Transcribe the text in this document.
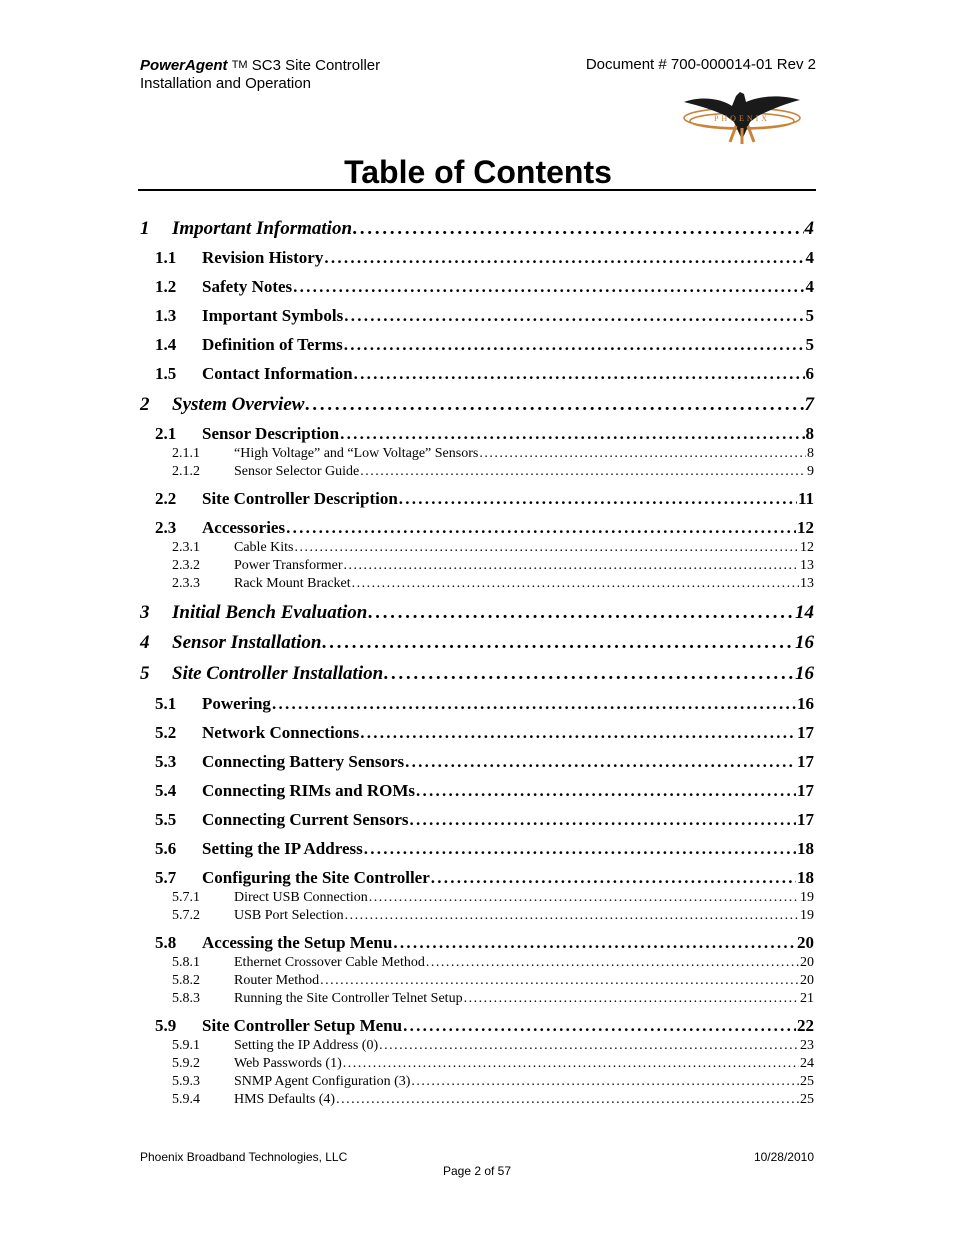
PowerAgent TM SC3 Site Controller
Installation and Operation
Document # 700-000014-01 Rev 2
PHOENIX
Table of Contents
1	Important Information . . .	4
1.1	Revision History . . .	4
1.2	Safety Notes . . .	4
1.3	Important Symbols . . .	5
1.4	Definition of Terms . . .	5
1.5	Contact Information . . .	6
2	System Overview . . .	7
2.1	Sensor Description . . .	8
2.1.1	“High Voltage” and “Low Voltage” Sensors . . .	8
2.1.2	Sensor Selector Guide . . .	9
2.2	Site Controller Description . . .	11
2.3	Accessories . . .	12
2.3.1	Cable Kits . . .	12
2.3.2	Power Transformer . . .	13
2.3.3	Rack Mount Bracket . . .	13
3	Initial Bench Evaluation . . .	14
4	Sensor Installation . . .	16
5	Site Controller Installation . . .	16
5.1	Powering . . .	16
5.2	Network Connections . . .	17
5.3	Connecting Battery Sensors . . .	17
5.4	Connecting RIMs and ROMs . . .	17
5.5	Connecting Current Sensors . . .	17
5.6	Setting the IP Address . . .	18
5.7	Configuring the Site Controller . . .	18
5.7.1	Direct USB Connection . . .	19
5.7.2	USB Port Selection . . .	19
5.8	Accessing the Setup Menu . . .	20
5.8.1	Ethernet Crossover Cable Method . . .	20
5.8.2	Router Method . . .	20
5.8.3	Running the Site Controller Telnet Setup . . .	21
5.9	Site Controller Setup Menu . . .	22
5.9.1	Setting the IP Address (0) . . .	23
5.9.2	Web Passwords (1) . . .	24
5.9.3	SNMP Agent Configuration (3) . . .	25
5.9.4	HMS Defaults (4) . . .	25
Phoenix Broadband Technologies, LLC	10/28/2010
Page 2 of 57
